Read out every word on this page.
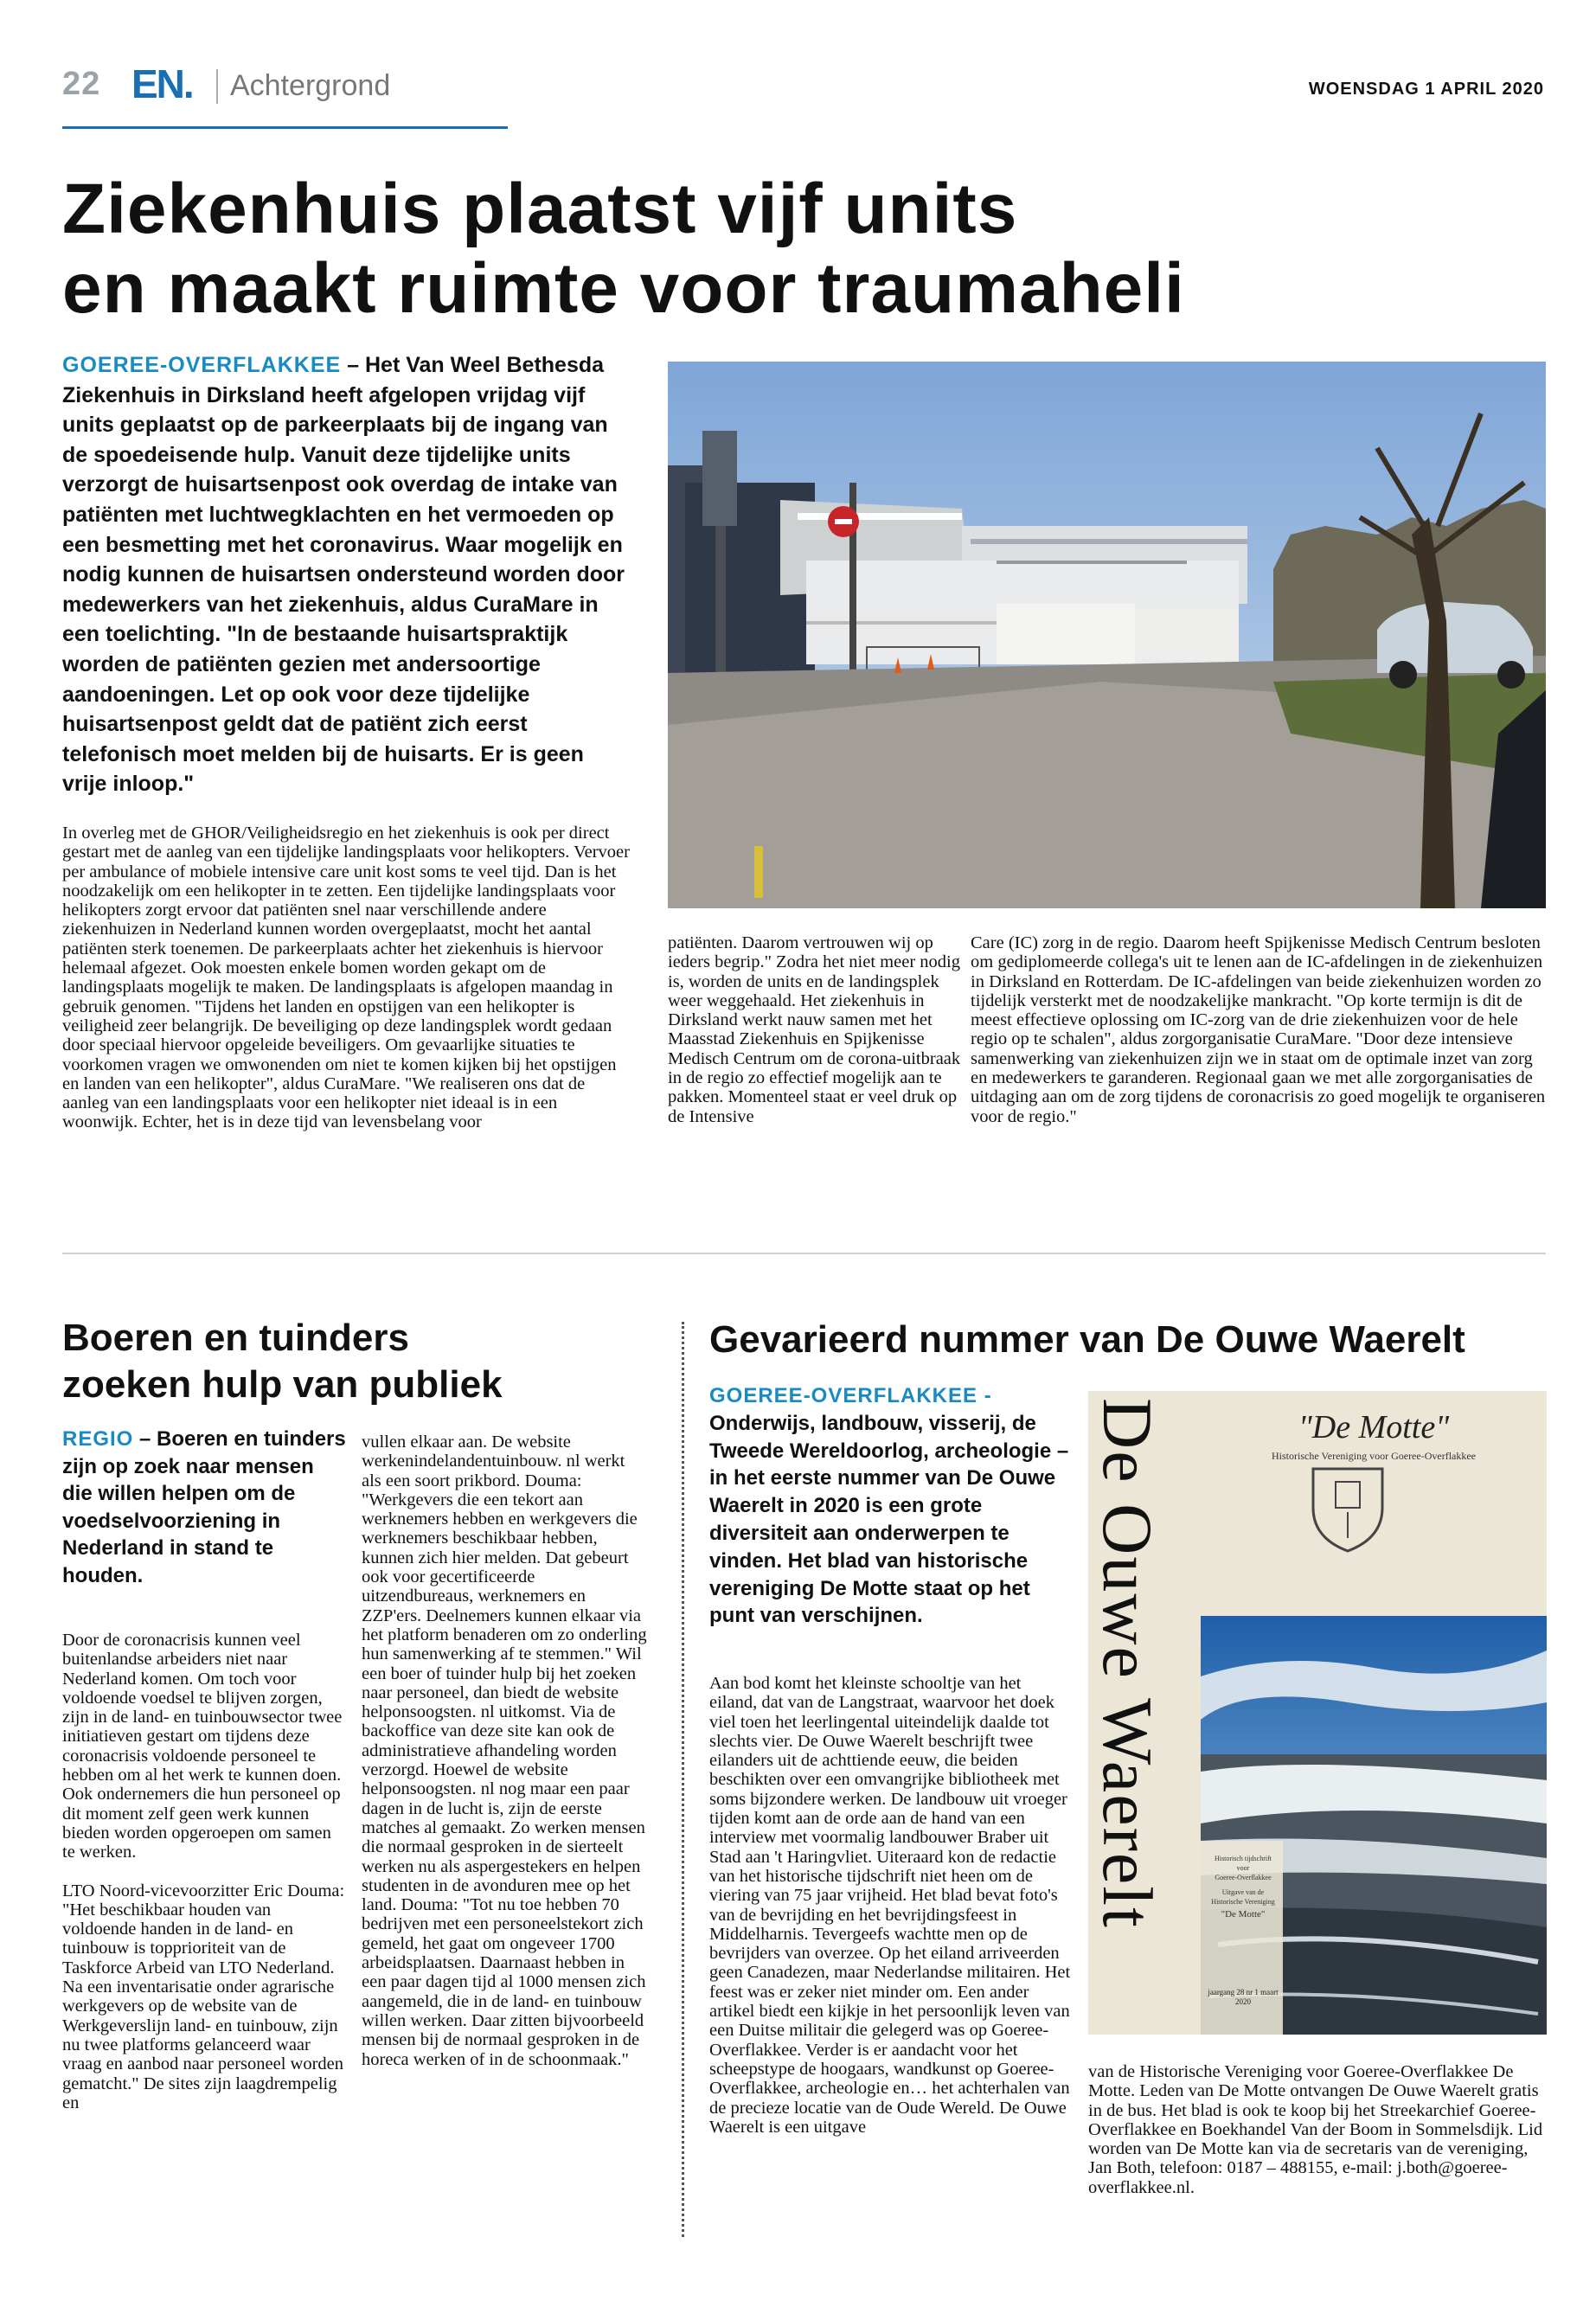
22 EN. Achtergrond	WOENSDAG 1 APRIL 2020
Ziekenhuis plaatst vijf units
en maakt ruimte voor traumaheli
GOEREE-OVERFLAKKEE – Het Van Weel Bethesda Ziekenhuis in Dirksland heeft afgelopen vrijdag vijf units geplaatst op de parkeerplaats bij de ingang van de spoedeisende hulp. Vanuit deze tijdelijke units verzorgt de huisartsenpost ook overdag de intake van patiënten met luchtwegklachten en het vermoeden op een besmetting met het coronavirus. Waar mogelijk en nodig kunnen de huisartsen ondersteund worden door medewerkers van het ziekenhuis, aldus CuraMare in een toelichting. "In de bestaande huisartspraktijk worden de patiënten gezien met andersoortige aandoeningen. Let op ook voor deze tijdelijke huisartsenpost geldt dat de patiënt zich eerst telefonisch moet melden bij de huisarts. Er is geen vrije inloop."
In overleg met de GHOR/Veiligheidsregio en het ziekenhuis is ook per direct gestart met de aanleg van een tijdelijke landingsplaats voor helikopters. Vervoer per ambulance of mobiele intensive care unit kost soms te veel tijd. Dan is het noodzakelijk om een helikopter in te zetten. Een tijdelijke landingsplaats voor helikopters zorgt ervoor dat patiënten snel naar verschillende andere ziekenhuizen in Nederland kunnen worden overgeplaatst, mocht het aantal patiënten sterk toenemen. De parkeerplaats achter het ziekenhuis is hiervoor helemaal afgezet. Ook moesten enkele bomen worden gekapt om de landingsplaats mogelijk te maken. De landingsplaats is afgelopen maandag in gebruik genomen. "Tijdens het landen en opstijgen van een helikopter is veiligheid zeer belangrijk. De beveiliging op deze landingsplek wordt gedaan door speciaal hiervoor opgeleide beveiligers. Om gevaarlijke situaties te voorkomen vragen we omwonenden om niet te komen kijken bij het opstijgen en landen van een helikopter", aldus CuraMare. "We realiseren ons dat de aanleg van een landingsplaats voor een helikopter niet ideaal is in een woonwijk. Echter, het is in deze tijd van levensbelang voor
patiënten. Daarom vertrouwen wij op ieders begrip." Zodra het niet meer nodig is, worden de units en de landingsplek weer weggehaald. Het ziekenhuis in Dirksland werkt nauw samen met het Maasstad Ziekenhuis en Spijkenisse Medisch Centrum om de corona-uitbraak in de regio zo effectief mogelijk aan te pakken. Momenteel staat er veel druk op de Intensive
Care (IC) zorg in de regio. Daarom heeft Spijkenisse Medisch Centrum besloten om gediplomeerde collega's uit te lenen aan de IC-afdelingen in de ziekenhuizen in Dirksland en Rotterdam. De IC-afdelingen van beide ziekenhuizen worden zo tijdelijk versterkt met de noodzakelijke mankracht. "Op korte termijn is dit de meest effectieve oplossing om IC-zorg van de drie ziekenhuizen voor de hele regio op te schalen", aldus zorgorganisatie CuraMare. "Door deze intensieve samenwerking van ziekenhuizen zijn we in staat om de optimale inzet van zorg en medewerkers te garanderen. Regionaal gaan we met alle zorgorganisaties de uitdaging aan om de zorg tijdens de coronacrisis zo goed mogelijk te organiseren voor de regio."
Boeren en tuinders
zoeken hulp van publiek
REGIO – Boeren en tuinders zijn op zoek naar mensen die willen helpen om de voedselvoorziening in Nederland in stand te houden.

Door de coronacrisis kunnen veel buitenlandse arbeiders niet naar Nederland komen. Om toch voor voldoende voedsel te blijven zorgen, zijn in de land- en tuinbouwsector twee initiatieven gestart om tijdens deze coronacrisis voldoende personeel te hebben om al het werk te kunnen doen. Ook ondernemers die hun personeel op dit moment zelf geen werk kunnen bieden worden opgeroepen om samen te werken.

LTO Noord-vicevoorzitter Eric Douma: "Het beschikbaar houden van voldoende handen in de land- en tuinbouw is topprioriteit van de Taskforce Arbeid van LTO Nederland. Na een inventarisatie onder agrarische werkgevers op de website van de Werkgeverslijn land- en tuinbouw, zijn nu twee platforms gelanceerd waar vraag en aanbod naar personeel worden gematcht." De sites zijn laagdrempelig en

vullen elkaar aan. De website werkenindelandentuinbouw. nl werkt als een soort prikbord. Douma: "Werkgevers die een tekort aan werknemers hebben en werkgevers die werknemers beschikbaar hebben, kunnen zich hier melden. Dat gebeurt ook voor gecertificeerde uitzendbureaus, werknemers en ZZP'ers. Deelnemers kunnen elkaar via het platform benaderen om zo onderling hun samenwerking af te stemmen." Wil een boer of tuinder hulp bij het zoeken naar personeel, dan biedt de website helponsoogsten. nl uitkomst. Via de backoffice van deze site kan ook de administratieve afhandeling worden verzorgd. Hoewel de website helponsoogsten. nl nog maar een paar dagen in de lucht is, zijn de eerste matches al gemaakt. Zo werken mensen die normaal gesproken in de sierteelt werken nu als aspergestekers en helpen studenten in de avonduren mee op het land. Douma: "Tot nu toe hebben 70 bedrijven met een personeelstekort zich gemeld, het gaat om ongeveer 1700 arbeidsplaatsen. Daarnaast hebben in een paar dagen tijd al 1000 mensen zich aangemeld, die in de land- en tuinbouw willen werken. Daar zitten bijvoorbeeld mensen bij de normaal gesproken in de horeca werken of in de schoonmaak."
Gevarieerd nummer van De Ouwe Waerelt
GOEREE-OVERFLAKKEE -
Onderwijs, landbouw, visserij, de Tweede Wereldoorlog, archeologie – in het eerste nummer van De Ouwe Waerelt in 2020 is een grote diversiteit aan onderwerpen te vinden. Het blad van historische vereniging De Motte staat op het punt van verschijnen.
Aan bod komt het kleinste schooltje van het eiland, dat van de Langstraat, waarvoor het doek viel toen het leerlingental uiteindelijk daalde tot slechts vier. De Ouwe Waerelt beschrijft twee eilanders uit de achttiende eeuw, die beiden beschikten over een omvangrijke bibliotheek met soms bijzondere werken. De landbouw uit vroeger tijden komt aan de orde aan de hand van een interview met voormalig landbouwer Braber uit Stad aan 't Haringvliet. Uiteraard kon de redactie van het historische tijdschrift niet heen om de viering van 75 jaar vrijheid. Het blad bevat foto's van de bevrijding en het bevrijdingsfeest in Middelharnis. Tevergeefs wachtte men op de bevrijders van overzee. Op het eiland arriveerden geen Canadezen, maar Nederlandse militairen. Het feest was er zeker niet minder om. Een ander artikel biedt een kijkje in het persoonlijk leven van een Duitse militair die gelegerd was op Goeree-Overflakkee. Verder is er aandacht voor het scheepstype de hoogaars, wandkunst op Goeree-Overflakkee, archeologie en… het achterhalen van de precieze locatie van de Oude Wereld. De Ouwe Waerelt is een uitgave
De Ouwe Waerelt	"De Motte"
Historische Vereniging voor Goeree-Overflakkee
Historisch tijdschrift
voor
Goeree-Overflakkee
Uitgave van de
Historische Vereniging
"De Motte"
jaargang 28 nr 1 maart 2020
van de Historische Vereniging voor Goeree-Overflakkee De Motte. Leden van De Motte ontvangen De Ouwe Waerelt gratis in de bus. Het blad is ook te koop bij het Streekarchief Goeree-Overflakkee en Boekhandel Van der Boom in Sommelsdijk. Lid worden van De Motte kan via de secretaris van de vereniging, Jan Both, telefoon: 0187 – 488155, e-mail: j.both@goeree-overflakkee.nl.
